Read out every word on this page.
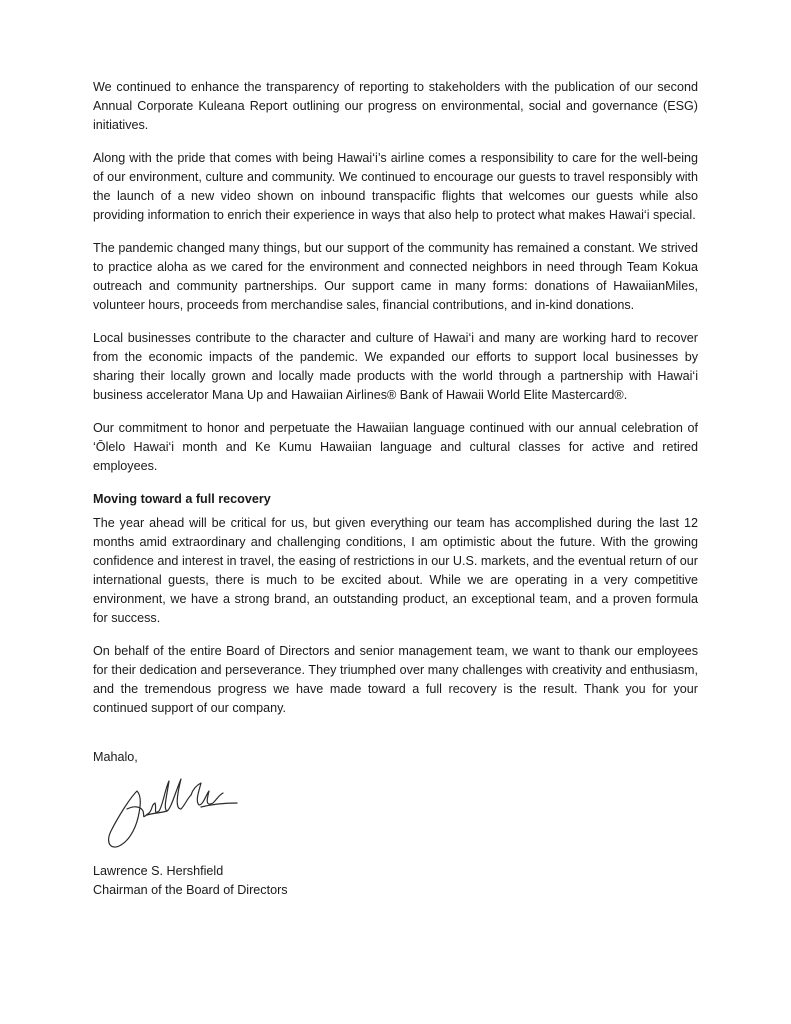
We continued to enhance the transparency of reporting to stakeholders with the publication of our second Annual Corporate Kuleana Report outlining our progress on environmental, social and governance (ESG) initiatives.

Along with the pride that comes with being Hawai‘i’s airline comes a responsibility to care for the well-being of our environment, culture and community. We continued to encourage our guests to travel responsibly with the launch of a new video shown on inbound transpacific flights that welcomes our guests while also providing information to enrich their experience in ways that also help to protect what makes Hawai‘i special.

The pandemic changed many things, but our support of the community has remained a constant. We strived to practice aloha as we cared for the environment and connected neighbors in need through Team Kokua outreach and community partnerships. Our support came in many forms: donations of HawaiianMiles, volunteer hours, proceeds from merchandise sales, financial contributions, and in-kind donations.

Local businesses contribute to the character and culture of Hawai‘i and many are working hard to recover from the economic impacts of the pandemic. We expanded our efforts to support local businesses by sharing their locally grown and locally made products with the world through a partnership with Hawai‘i business accelerator Mana Up and Hawaiian Airlines® Bank of Hawaii World Elite Mastercard®.

Our commitment to honor and perpetuate the Hawaiian language continued with our annual celebration of ‘Ōlelo Hawai‘i month and Ke Kumu Hawaiian language and cultural classes for active and retired employees.

Moving toward a full recovery

The year ahead will be critical for us, but given everything our team has accomplished during the last 12 months amid extraordinary and challenging conditions, I am optimistic about the future. With the growing confidence and interest in travel, the easing of restrictions in our U.S. markets, and the eventual return of our international guests, there is much to be excited about. While we are operating in a very competitive environment, we have a strong brand, an outstanding product, an exceptional team, and a proven formula for success.

On behalf of the entire Board of Directors and senior management team, we want to thank our employees for their dedication and perseverance. They triumphed over many challenges with creativity and enthusiasm, and the tremendous progress we have made toward a full recovery is the result. Thank you for your continued support of our company.

Mahalo,

Lawrence S. Hershfield

Chairman of the Board of Directors
